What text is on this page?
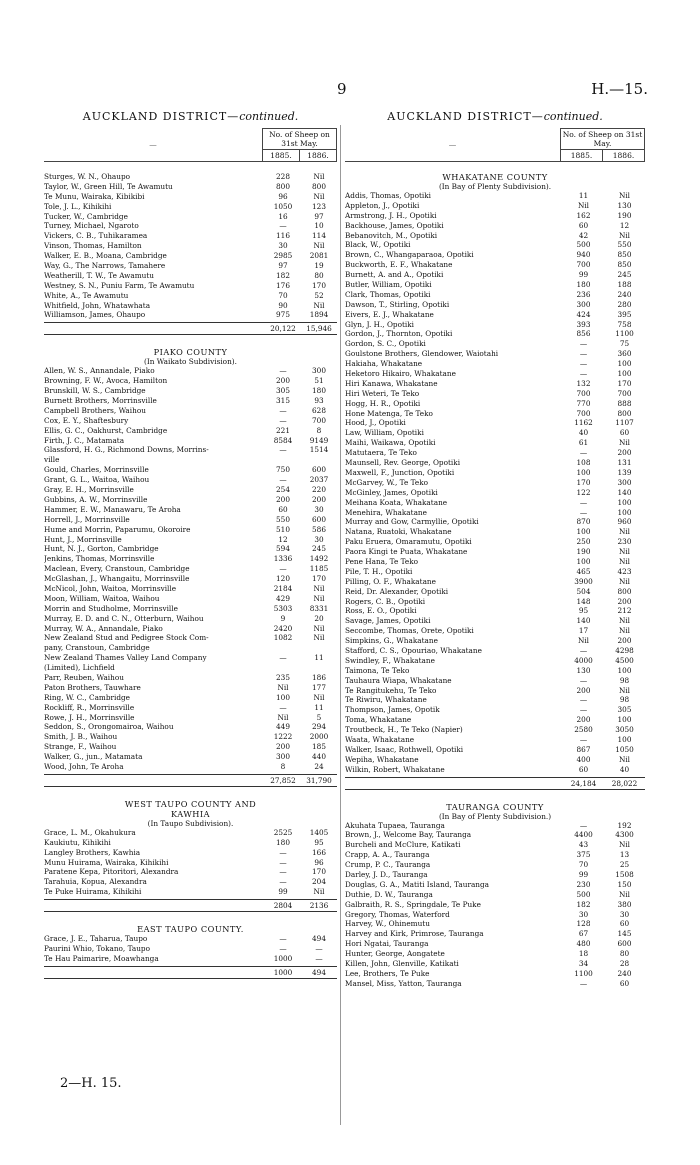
9	H.—15.
AUCKLAND DISTRICT—continued.
—	No. of Sheep on 31st May.	
	1885.	1886.
Sturges, W. N., Ohaupo	228	Nil
Taylor, W., Green Hill, Te Awamutu	800	800
Te Munu, Wairaka, Kibikibi	96	Nil
Tole, J. L., Kihikihi	1050	123
Tucker, W., Cambridge	16	97
Turney, Michael, Ngaroto	—	10
Vickers, C. B., Tuhikaramea	116	114
Vinson, Thomas, Hamilton	30	Nil
Walker, E. B., Moana, Cambridge	2985	2081
Way, G., The Narrows, Tamahere	97	19
Weatherill, T. W., Te Awamutu	182	80
Westney, S. N., Puniu Farm, Te Awamutu	176	170
White, A., Te Awamutu	70	52
Whitfield, John, Whatawhata	90	Nil
Williamson, James, Ohaupo	975	1894
20,122	15,946
PIAKO COUNTY
(In Waikato Subdivision).
Allen, W. S., Annandale, Piako	—	300
Browning, F. W., Avoca, Hamilton	200	51
Brunskill, W. S., Cambridge	305	180
Burnett Brothers, Morrinsville	315	93
Campbell Brothers, Waihou	—	628
Cox, E. Y., Shaftesbury	—	700
Ellis, G. C., Oakhurst, Cambridge	221	8
Firth, J. C., Matamata	8584	9149
Glassford, H. G., Richmond Downs, Morrins-	—	1514
ville
Gould, Charles, Morrinsville	750	600
Grant, G. L., Waitoa, Waihou	—	2037
Gray, E. H., Morrinsville	254	220
Gubbins, A. W., Morrinsville	200	200
Hammer, E. W., Manawaru, Te Aroha	60	30
Horrell, J., Morrinsville	550	600
Hume and Morrin, Paparumu, Okoroire	510	586
Hunt, J., Morrinsville	12	30
Hunt, N. J., Gorton, Cambridge	594	245
Jenkins, Thomas, Morrinsville	1336	1492
Maclean, Every, Cranstoun, Cambridge	—	1185
McGlashan, J., Whangaitu, Morrinsville	120	170
McNicol, John, Waitoa, Morrinsville	2184	Nil
Moon, William, Waitoa, Waihou	429	Nil
Morrin and Studholme, Morrinsville	5303	8331
Murray, E. D. and C. N., Otterburn, Waihou	9	20
Murray, W. A., Annandale, Piako	2420	Nil
New Zealand Stud and Pedigree Stock Com-	1082	Nil
pany, Cranstoun, Cambridge
New Zealand Thames Valley Land Company	—	11
(Limited), Lichfield
Parr, Reuben, Waihou	235	186
Paton Brothers, Tauwhare	Nil	177
Ring, W. C., Cambridge	100	Nil
Rockliff, R., Morrinsville	—	11
Rowe, J. H., Morrinsville	Nil	5
Seddon, S., Orongomairoa, Waihou	449	294
Smith, J. B., Waihou	1222	2000
Strange, F., Waihou	200	185
Walker, G., jun., Matamata	300	440
Wood, John, Te Aroha	8	24
27,852	31,790
WEST TAUPO COUNTY AND
KAWHIA
(In Taupo Subdivision).
Grace, L. M., Okahukura	2525	1405
Kaukiutu, Kihikihi	180	95
Langley Brothers, Kawhia	—	166
Munu Huirama, Wairaka, Kihikihi	—	96
Paratene Kepa, Pitoritori, Alexandra	—	170
Tarahuia, Kopua, Alexandra	—	204
Te Puke Huirama, Kihikihi	99	Nil
2804	2136
EAST TAUPO COUNTY.
Grace, J. E., Taharua, Taupo	—	494
Paurini Whio, Tokano, Taupo	—	—
Te Hau Paimarire, Moawhanga	1000	—
1000	494
AUCKLAND DISTRICT—continued.
—	No. of Sheep on 31st May.	
	1885.	1886.
WHAKATANE COUNTY
(In Bay of Plenty Subdivision).
Addis, Thomas, Opotiki	11	Nil
Appleton, J., Opotiki	Nil	130
Armstrong, J. H., Opotiki	162	190
Backhouse, James, Opotiki	60	12
Bebanovitch, M., Opotiki	42	Nil
Black, W., Opotiki	500	550
Brown, C., Whangaparaoa, Opotiki	940	850
Buckworth, E. F., Whakatane	700	850
Burnett, A. and A., Opotiki	99	245
Butler, William, Opotiki	180	188
Clark, Thomas, Opotiki	236	240
Dawson, T., Stirling, Opotiki	300	280
Eivers, E. J., Whakatane	424	395
Glyn, J. H., Opotiki	393	758
Gordon, J., Thornton, Opotiki	856	1100
Gordon, S. C., Opotiki	—	75
Goulstone Brothers, Glendower, Waiotahi	—	360
Hakiaha, Whakatane	—	100
Heketoro Hikairo, Whakatane	—	100
Hiri Kanawa, Whakatane	132	170
Hiri Weteri, Te Teko	700	700
Hogg, H. R., Opotiki	770	888
Hone Matenga, Te Teko	700	800
Hood, J., Opotiki	1162	1107
Law, William, Opotiki	40	60
Maihi, Waikawa, Opotiki	61	Nil
Matutaera, Te Teko	—	200
Maunsell, Rev. George, Opotiki	108	131
Maxwell, F., Junction, Opotiki	100	139
McGarvey, W., Te Teko	170	300
McGinley, James, Opotiki	122	140
Meihana Koata, Whakatane	—	100
Menehira, Whakatane	—	100
Murray and Gow, Carmyllie, Opotiki	870	960
Natana, Ruatoki, Whakatane	100	Nil
Paku Eruera, Omaramutu, Opotiki	250	230
Paora Kingi te Puata, Whakatane	190	Nil
Pene Hana, Te Teko	100	Nil
Pile, T. H., Opotiki	465	423
Pilling, O. F., Whakatane	3900	Nil
Reid, Dr. Alexander, Opotiki	504	800
Rogers, C. B., Opotiki	148	200
Ross, E. O., Opotiki	95	212
Savage, James, Opotiki	140	Nil
Seccombe, Thomas, Orete, Opotiki	17	Nil
Simpkins, G., Whakatane	Nil	200
Stafford, C. S., Opouriao, Whakatane	—	4298
Swindley, F., Whakatane	4000	4500
Taimona, Te Teko	130	100
Tauhaura Wiapa, Whakatane	—	98
Te Rangitukehu, Te Teko	200	Nil
Te Riwiru, Whakatane	—	98
Thompson, James, Opotik	—	305
Toma, Whakatane	200	100
Troutbeck, H., Te Teko (Napier)	2580	3050
Waata, Whakatane	—	100
Walker, Isaac, Rothwell, Opotiki	867	1050
Wepiha, Whakatane	400	Nil
Wilkin, Robert, Whakatane	60	40
24,184	28,022
TAURANGA COUNTY
(In Bay of Plenty Subdivision.)
Akuhata Tupaea, Tauranga	—	192
Brown, J., Welcome Bay, Tauranga	4400	4300
Burcheli and McClure, Katikati	43	Nil
Crapp, A. A., Tauranga	375	13
Crump, P. C., Tauranga	70	25
Darley, J. D., Tauranga	99	1508
Douglas, G. A., Matiti Island, Tauranga	230	150
Duthie, D. W., Tauranga	500	Nil
Galbraith, R. S., Springdale, Te Puke	182	380
Gregory, Thomas, Waterford	30	30
Harvey, W., Ohinemutu	128	60
Harvey and Kirk, Primrose, Tauranga	67	145
Hori Ngatai, Tauranga	480	600
Hunter, George, Aongatete	18	80
Killen, John, Glenville, Katikati	34	28
Lee, Brothers, Te Puke	1100	240
Mansel, Miss, Yatton, Tauranga	—	60
2—H. 15.
